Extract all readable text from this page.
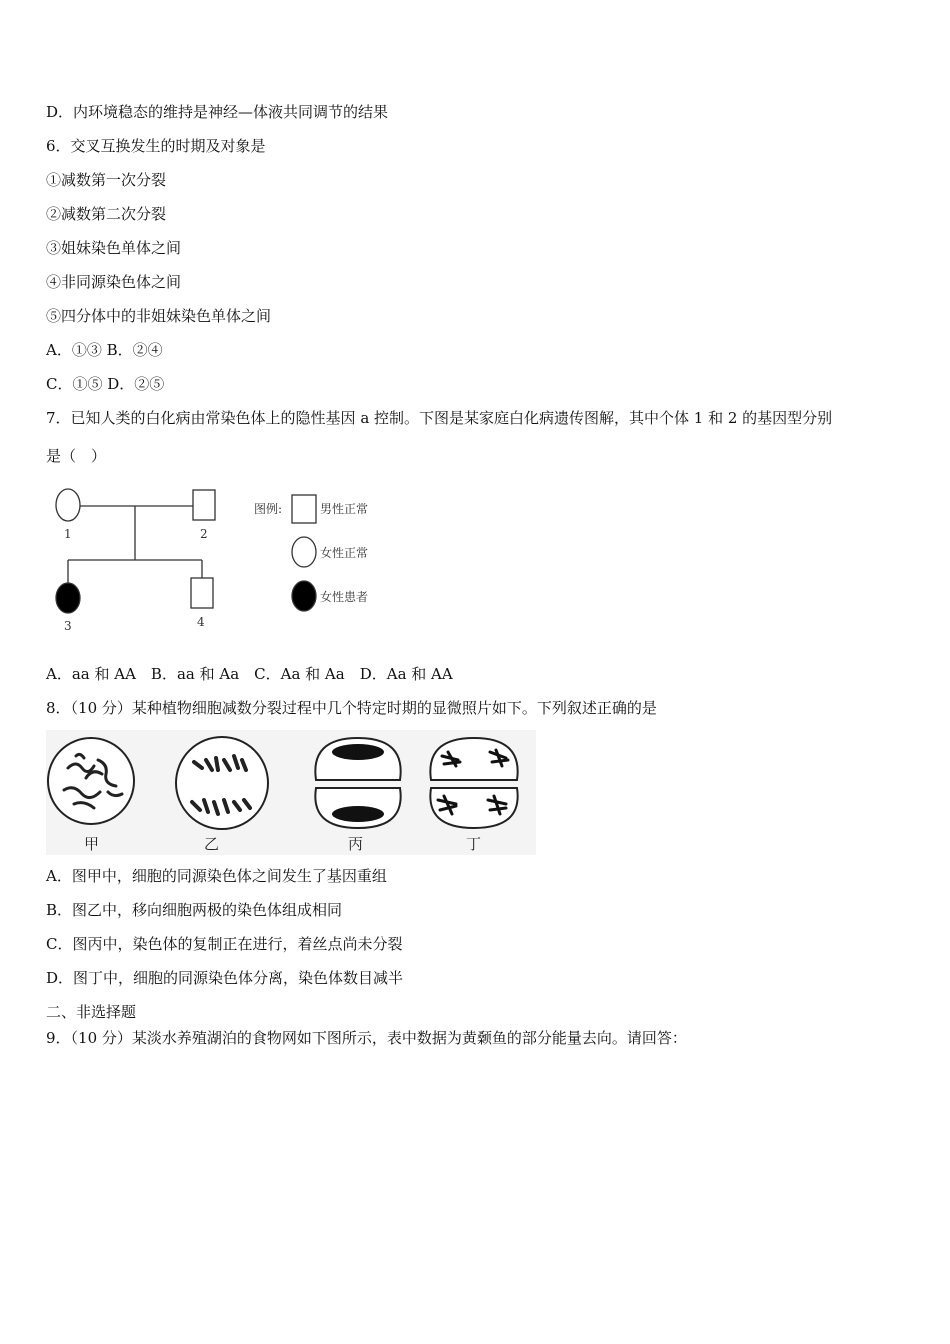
D．内环境稳态的维持是神经—体液共同调节的结果
6．交叉互换发生的时期及对象是
①减数第一次分裂
②减数第二次分裂
③姐妹染色单体之间
④非同源染色体之间
⑤四分体中的非姐妹染色单体之间
A．①③ B．②④
C．①⑤ D．②⑤
7．已知人类的白化病由常染色体上的隐性基因 a 控制。下图是某家庭白化病遗传图解，其中个体 1 和 2 的基因型分别
是（　）
1	2
3	4
图例:	男性正常
女性正常
女性患者
A．aa 和 AA　B．aa 和 Aa　C．Aa 和 Aa　D．Aa 和 AA
8．（10 分）某种植物细胞减数分裂过程中几个特定时期的显微照片如下。下列叙述正确的是
甲	乙	丙	丁
A．图甲中，细胞的同源染色体之间发生了基因重组
B．图乙中，移向细胞两极的染色体组成相同
C．图丙中，染色体的复制正在进行，着丝点尚未分裂
D．图丁中，细胞的同源染色体分离，染色体数目减半
二、非选择题
9．（10 分）某淡水养殖湖泊的食物网如下图所示，表中数据为黄颡鱼的部分能量去向。请回答：
